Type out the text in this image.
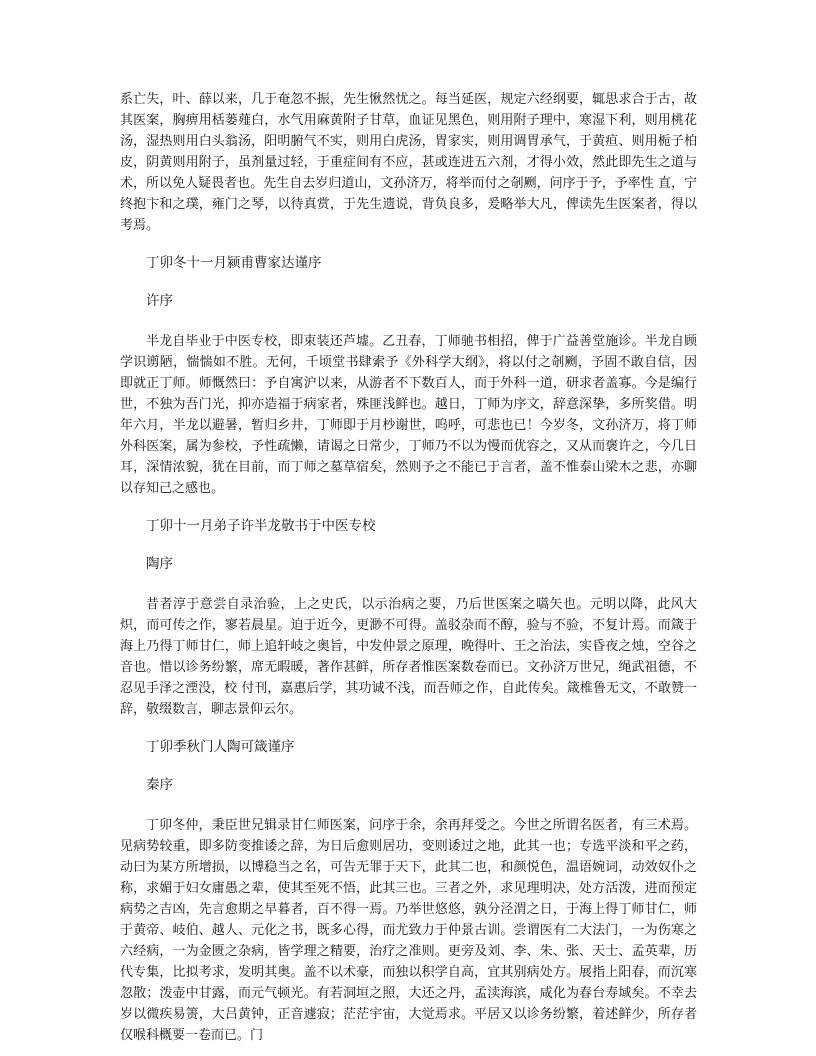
系亡失，叶、薛以来，几于奄忽不振，先生愀然忧之。每当延医，规定六经纲要，辄思求合于古，故其医案，胸痹用栝蒌薤白，水气用麻黄附子甘草，血证见黑色，则用附子理中，寒湿下利，则用桃花汤，湿热则用白头翁汤，阳明腑气不实，则用白虎汤，胃家实，则用调胃承气，于黄疸、则用栀子柏皮，阴黄则用附子，虽剂量过轻，于重症间有不应，甚或连进五六剂，才得小效，然此即先生之道与术，所以免人疑畏者也。先生自去岁归道山，文孙济万，将举而付之剞劂，问序于予，予率性 直，宁终抱卞和之璞，雍门之琴，以待真赏，于先生遗说，背负良多，爰略举大凡，俾读先生医案者，得以考焉。

丁卯冬十一月颍甫曹家达谨序

许序

半龙自毕业于中医专校，即束装还芦墟。乙丑春，丁师驰书相招，俾于广益善堂施诊。半龙自顾学识谫陋，惴惴如不胜。无何，千顷堂书肆索予《外科学大纲》，将以付之剞劂，予固不敢自信，因即就正丁师。师慨然曰：予自寓沪以来，从游者不下数百人，而于外科一道，研求者盖寡。今是编行世，不独为吾门光，抑亦造福于病家者，殊匪浅鲜也。越日，丁师为序文，辞意深挚，多所奖借。明年六月，半龙以避暑，暂归乡井，丁师即于月杪谢世，呜呼，可悲也已！今岁冬，文孙济万，将丁师外科医案，属为参校，予性疏懒，请谒之日常少，丁师乃不以为慢而优容之，又从而褒许之，今几日耳，深情浓貌，犹在目前，而丁师之墓草宿矣，然则予之不能已于言者，盖不惟泰山梁木之悲，亦聊以存知己之感也。

丁卯十一月弟子许半龙敬书于中医专校

陶序

昔者淳于意尝自录治验，上之史氏，以示治病之要，乃后世医案之嚆矢也。元明以降，此风大炽，而可传之作，寥若晨星。迫于近今，更渺不可得。盖驳杂而不醇，验与不验，不复计焉。而箴于海上乃得丁师甘仁，师上追轩岐之奥旨，中发仲景之原理，晚得叶、王之治法，实昏夜之烛，空谷之音也。惜以诊务纷繁，席无暇暖，著作甚鲜，所存者惟医案数卷而已。文孙济万世兄，绳武祖德，不忍见手泽之湮没，校 付刊，嘉惠后学，其功诚不浅，而吾师之作，自此传矣。箴椎鲁无文，不敢赞一辞，敬缀数言，聊志景仰云尔。

丁卯季秋门人陶可箴谨序

秦序

丁卯冬仲，秉臣世兄辑录甘仁师医案，问序于余，余再拜受之。今世之所谓名医者，有三术焉。见病势较重，即多防变推诿之辞，为日后愈则居功，变则诿过之地，此其一也；专选平淡和平之药，动曰为某方所增损，以博稳当之名，可告无罪于天下，此其二也，和颜悦色，温语婉词，动效奴仆之称，求媚于妇女庸愚之辈，使其至死不悟，此其三也。三者之外，求见理明决，处方活泼，进而预定病势之吉凶，先言愈期之早暮者，百不得一焉。乃举世悠悠，孰分泾渭之日，于海上得丁师甘仁，师于黄帝、岐伯、越人、元化之书，既多心得，而尤致力于仲景古训。尝谓医有二大法门，一为伤寒之六经病，一为金匮之杂病，皆学理之精要，治疗之准则。更旁及刘、李、朱、张、天士、孟英辈，历代专集，比拟考求，发明其奥。盖不以术豪，而独以积学自高，宜其别病处方。展指上阳春，而沉寒忽散；泼壶中甘露，而元气顿光。有若洞垣之照，大还之丹，孟渎海滨，咸化为春台寿域矣。不幸去岁以微疾易箦，大吕黄钟，正音遽寂；茫茫宇宙，大觉焉求。平居又以诊务纷繁，着述鲜少，所存者仅喉科概要一卷而已。门
